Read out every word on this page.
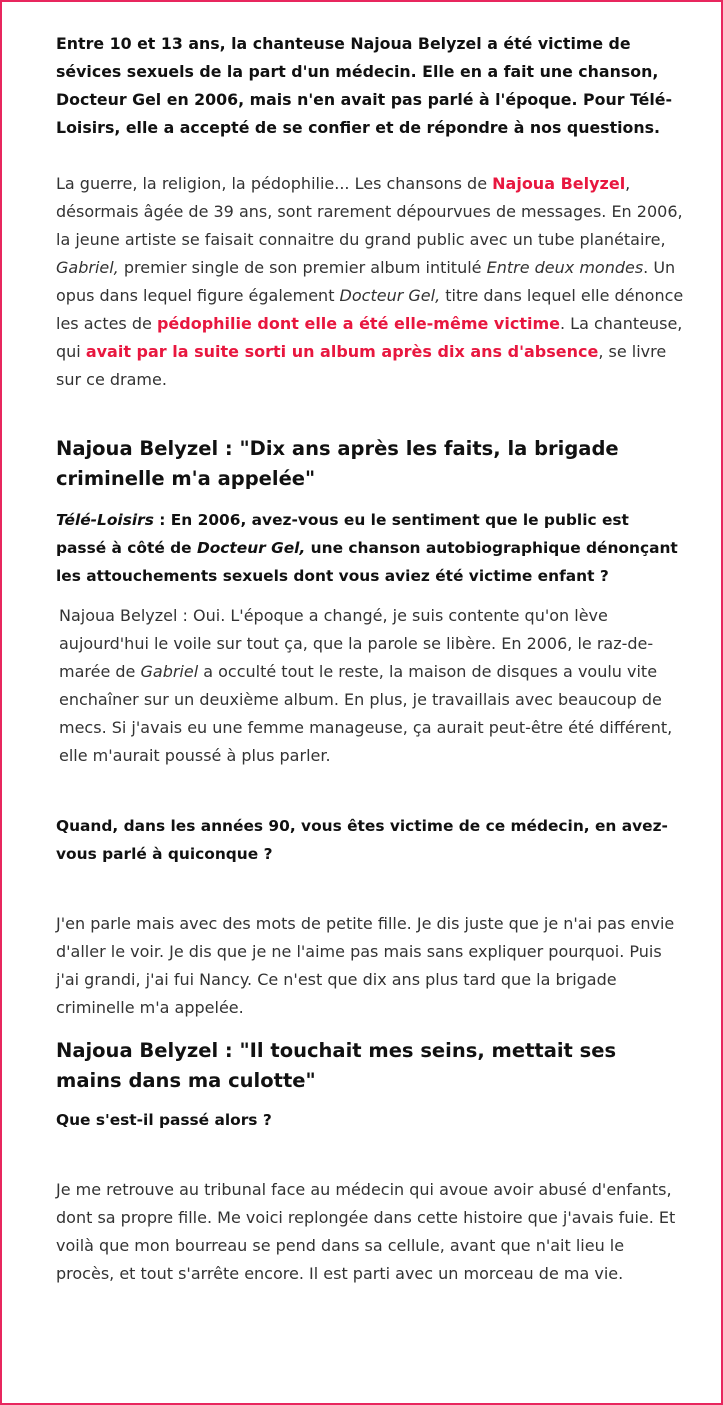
Entre 10 et 13 ans, la chanteuse Najoua Belyzel a été victime de sévices sexuels de la part d'un médecin. Elle en a fait une chanson, Docteur Gel en 2006, mais n'en avait pas parlé à l'époque. Pour Télé-Loisirs, elle a accepté de se confier et de répondre à nos questions.

La guerre, la religion, la pédophilie... Les chansons de Najoua Belyzel, désormais âgée de 39 ans, sont rarement dépourvues de messages. En 2006, la jeune artiste se faisait connaitre du grand public avec un tube planétaire, Gabriel, premier single de son premier album intitulé Entre deux mondes. Un opus dans lequel figure également Docteur Gel, titre dans lequel elle dénonce les actes de pédophilie dont elle a été elle-même victime. La chanteuse, qui avait par la suite sorti un album après dix ans d'absence, se livre sur ce drame.

Najoua Belyzel : "Dix ans après les faits, la brigade criminelle m'a appelée"

Télé-Loisirs : En 2006, avez-vous eu le sentiment que le public est passé à côté de Docteur Gel, une chanson autobiographique dénonçant les attouchements sexuels dont vous aviez été victime enfant ?

Najoua Belyzel : Oui. L'époque a changé, je suis contente qu'on lève aujourd'hui le voile sur tout ça, que la parole se libère. En 2006, le raz-de-marée de Gabriel a occulté tout le reste, la maison de disques a voulu vite enchaîner sur un deuxième album. En plus, je travaillais avec beaucoup de mecs. Si j'avais eu une femme manageuse, ça aurait peut-être été différent, elle m'aurait poussé à plus parler.

Quand, dans les années 90, vous êtes victime de ce médecin, en avez-vous parlé à quiconque ?

J'en parle mais avec des mots de petite fille. Je dis juste que je n'ai pas envie d'aller le voir. Je dis que je ne l'aime pas mais sans expliquer pourquoi. Puis j'ai grandi, j'ai fui Nancy. Ce n'est que dix ans plus tard que la brigade criminelle m'a appelée.

Najoua Belyzel : "Il touchait mes seins, mettait ses mains dans ma culotte"

Que s'est-il passé alors ?

Je me retrouve au tribunal face au médecin qui avoue avoir abusé d'enfants, dont sa propre fille. Me voici replongée dans cette histoire que j'avais fuie. Et voilà que mon bourreau se pend dans sa cellule, avant que n'ait lieu le procès, et tout s'arrête encore. Il est parti avec un morceau de ma vie.
